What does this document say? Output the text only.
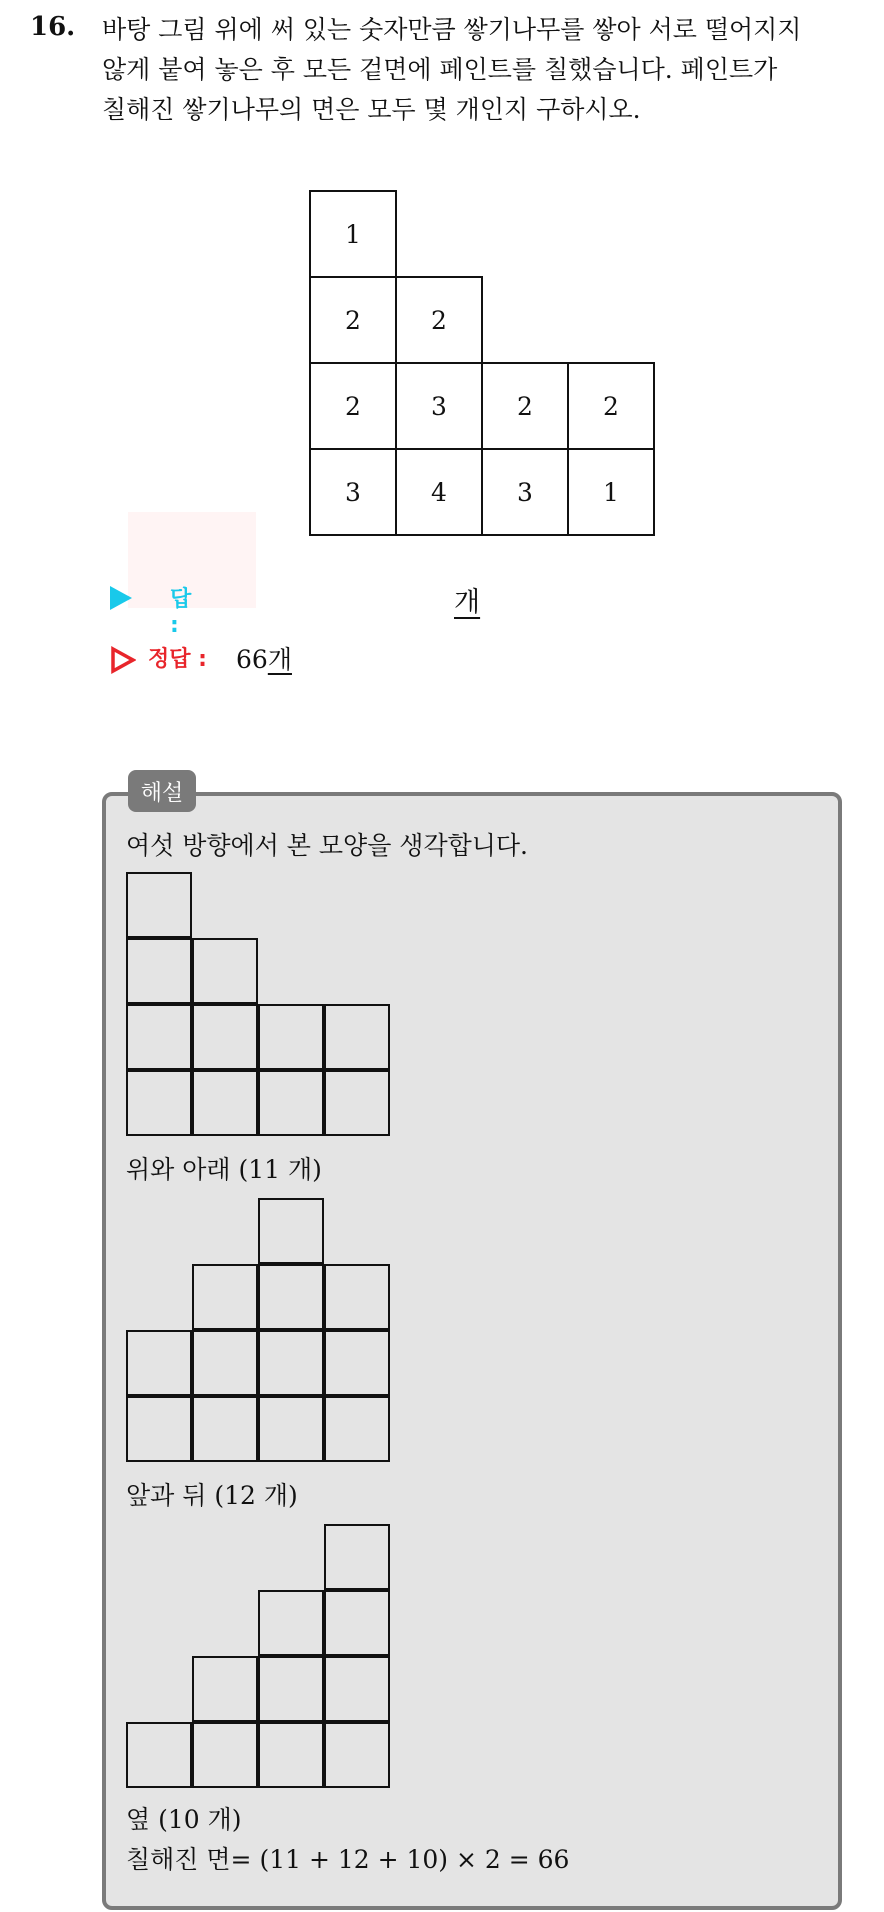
16. 바탕 그림 위에 써 있는 숫자만큼 쌓기나무를 쌓아 서로 떨어지지
않게 붙여 놓은 후 모든 겉면에 페인트를 칠했습니다. 페인트가
칠해진 쌓기나무의 면은 모두 몇 개인지 구하시오.
1
2	2
2	3	2	2
3	4	3	1
답 :
개
정답 : 66개
해설
여섯 방향에서 본 모양을 생각합니다.
위와 아래 (11 개)
앞과 뒤 (12 개)
옆 (10 개)
칠해진 면= (11 + 12 + 10) × 2 = 66
